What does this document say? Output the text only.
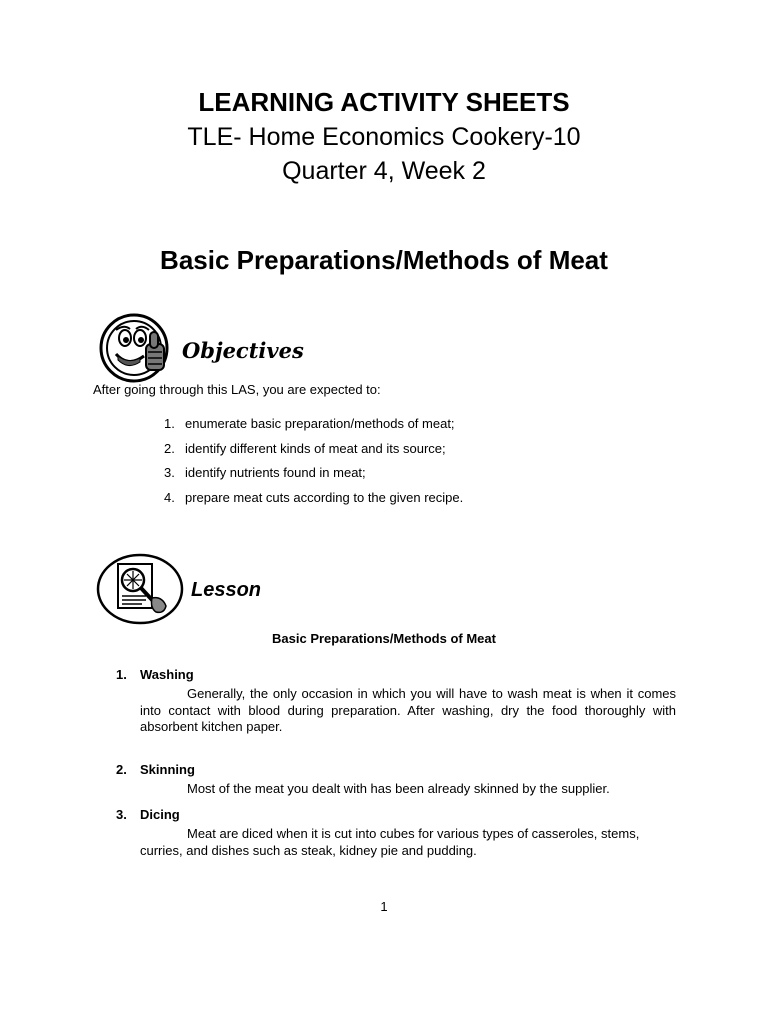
LEARNING ACTIVITY SHEETS
TLE- Home Economics Cookery-10
Quarter 4, Week 2
Basic Preparations/Methods of Meat
Objectives
After going through this LAS, you are expected to:
1. enumerate basic preparation/methods of meat;
2. identify different kinds of meat and its source;
3. identify nutrients found in meat;
4. prepare meat cuts according to the given recipe.
Lesson
Basic Preparations/Methods of Meat
1. Washing
Generally, the only occasion in which you will have to wash meat is when it comes into contact with blood during preparation. After washing, dry the food thoroughly with absorbent kitchen paper.
2. Skinning
Most of the meat you dealt with has been already skinned by the supplier.
3. Dicing
Meat are diced when it is cut into cubes for various types of casseroles, stems, curries, and dishes such as steak, kidney pie and pudding.
1
